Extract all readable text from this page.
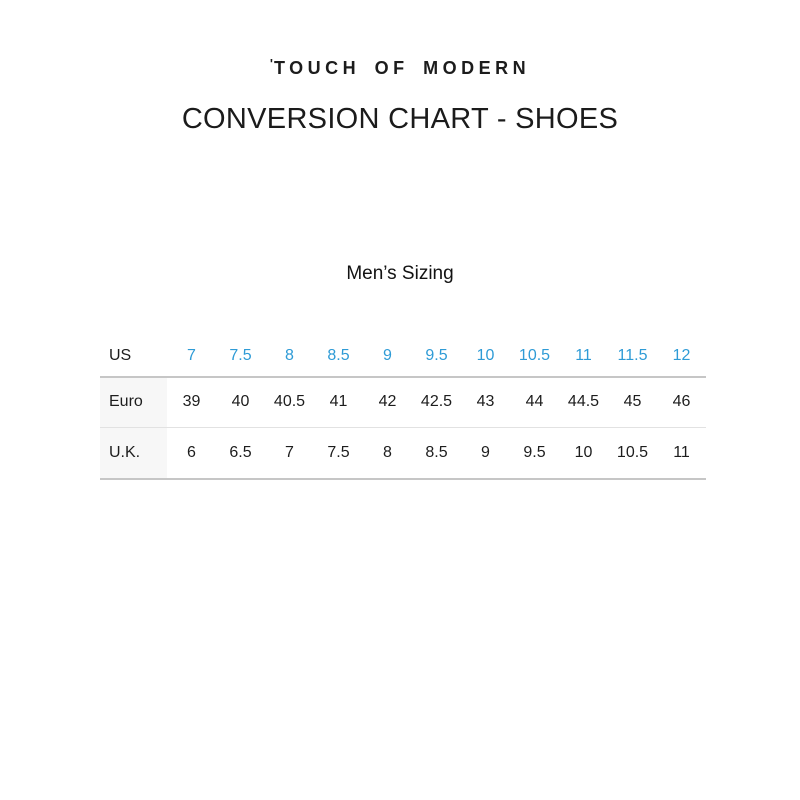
'TOUCH OF MODERN
CONVERSION CHART - SHOES
Men’s Sizing
US	7	7.5	8	8.5	9	9.5	10	10.5	11	11.5	12
Euro	39	40	40.5	41	42	42.5	43	44	44.5	45	46
U.K.	6	6.5	7	7.5	8	8.5	9	9.5	10	10.5	11
